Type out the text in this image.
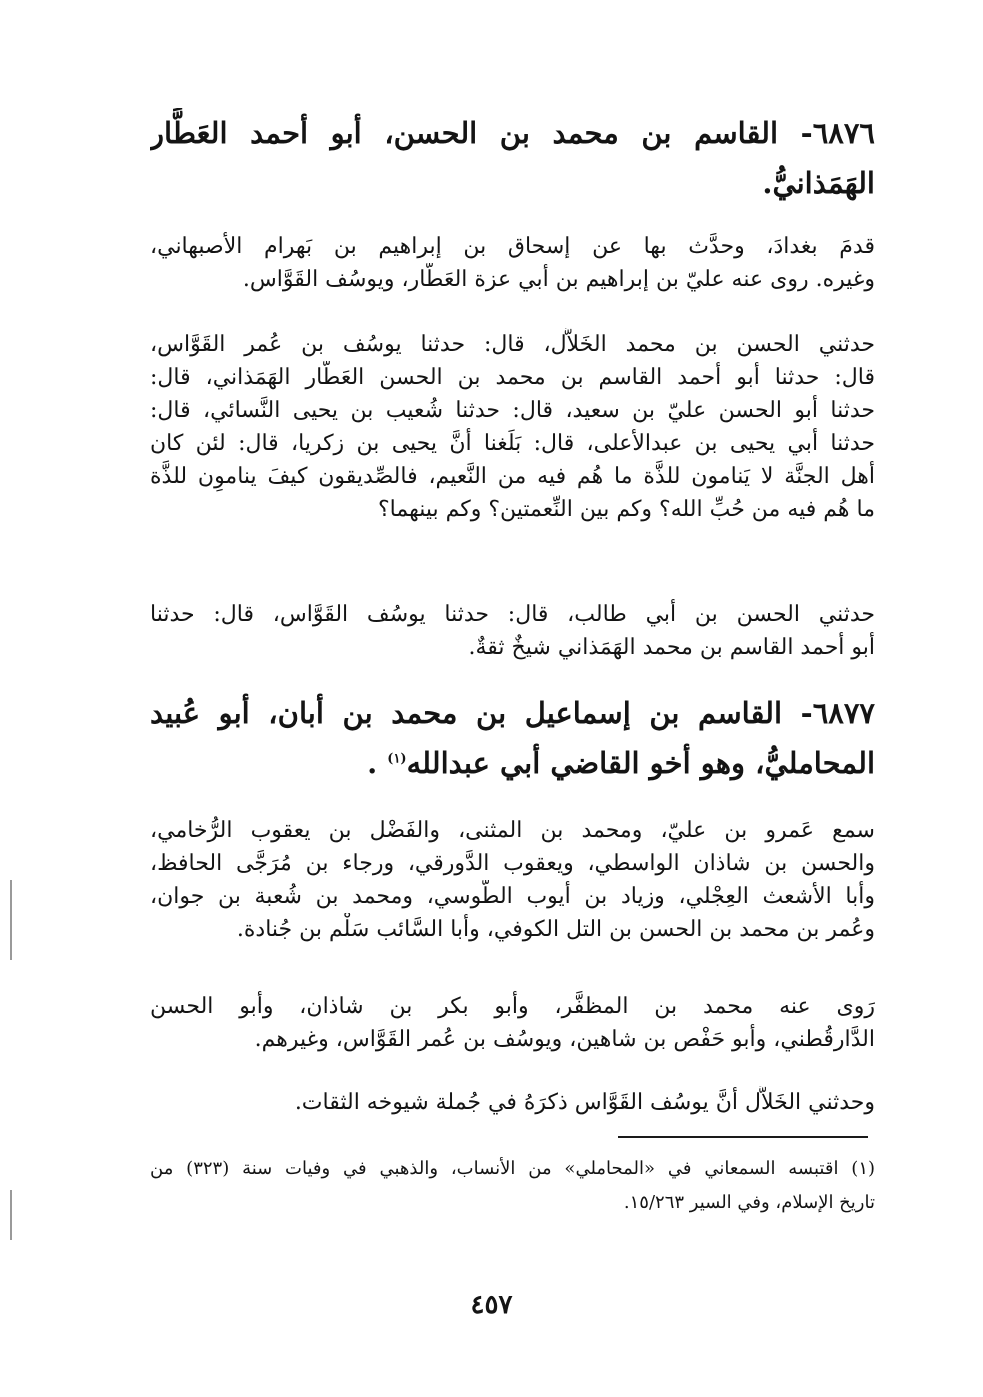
٦٨٧٦- القاسم بن محمد بن الحسن، أبو أحمد العَطَّار
الهَمَذانيُّ.
قدمَ بغدادَ، وحدَّث بها عن إسحاق بن إبراهيم بن بَهرام الأصبهاني،
وغيره. روى عنه عليّ بن إبراهيم بن أبي عزة العَطَّار، ويوسُف القَوَّاس.
حدثني الحسن بن محمد الخَلاَّل، قال: حدثنا يوسُف بن عُمر القَوَّاس،
قال: حدثنا أبو أحمد القاسم بن محمد بن الحسن العَطَّار الهَمَذاني، قال:
حدثنا أبو الحسن عليّ بن سعيد، قال: حدثنا شُعيب بن يحيى النَّسائي، قال:
حدثنا أبي يحيى بن عبدالأعلى، قال: بَلَغنا أنَّ يحيى بن زكريا، قال: لئن كان
أهل الجنَّة لا يَنامون للذَّة ما هُم فيه من النَّعيم، فالصِّديقون كيفَ يناموِن للذَّة
ما هُم فيه من حُبِّ الله؟ وكم بين النِّعمتين؟ وكم بينهما؟
حدثني الحسن بن أبي طالب، قال: حدثنا يوسُف القَوَّاس، قال: حدثنا
أبو أحمد القاسم بن محمد الهَمَذاني شيخٌ ثقةٌ.
٦٨٧٧- القاسم بن إسماعيل بن محمد بن أبان، أبو عُبيد
المحامليُّ، وهو أخو القاضي أبي عبدالله$^{(١)}$ .
سمع عَمرو بن عليّ، ومحمد بن المثنى، والفَضْل بن يعقوب الرُّخامي،
والحسن بن شاذان الواسطي، ويعقوب الدَّورقي، ورجاء بن مُرَجَّى الحافظ،
وأبا الأشعث العِجْلي، وزياد بن أيوب الطُّوسي، ومحمد بن شُعبة بن جوان،
وعُمر بن محمد بن الحسن بن التل الكوفي، وأبا السَّائب سَلْم بن جُنادة.
رَوى عنه محمد بن المظفَّر، وأبو بكر بن شاذان، وأبو الحسن
الدَّارقُطني، وأبو حَفْص بن شاهين، ويوسُف بن عُمر القَوَّاس، وغيرهم.
وحدثني الخَلاَّل أنَّ يوسُف القَوَّاس ذكرَهُ في جُملة شيوخه الثقات.
(١) اقتبسه السمعاني في «المحاملي» من الأنساب، والذهبي في وفيات سنة (٣٢٣) من
تاريخ الإسلام، وفي السير ١٥/٢٦٣.
٤٥٧
